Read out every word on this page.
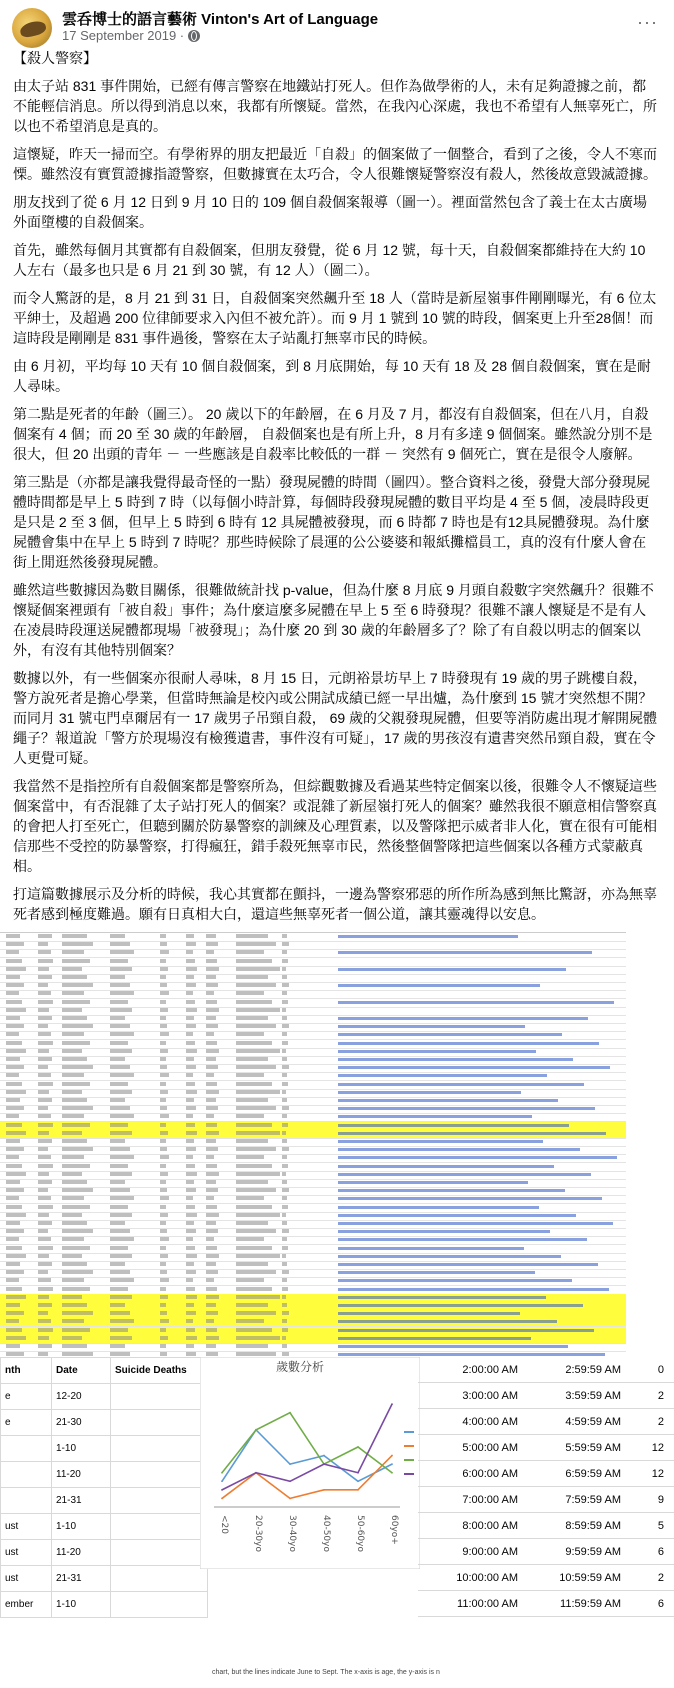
雲呑博士的語言藝術 Vinton's Art of Language
17 September 2019 ·
···

【殺人警察】

由太子站 831 事件開始，已經有傳言警察在地鐵站打死人。但作為做學術的人，未有足夠證據之前，都不能輕信消息。所以得到消息以來，我都有所懷疑。當然，在我內心深處，我也不希望有人無辜死亡，所以也不希望消息是真的。

這懷疑，昨天一掃而空。有學術界的朋友把最近「自殺」的個案做了一個整合，看到了之後，令人不寒而慄。雖然沒有實質證據指證警察，但數據實在太巧合，令人很難懷疑警察沒有殺人，然後故意毀滅證據。

朋友找到了從 6 月 12 日到 9 月 10 日的 109 個自殺個案報導（圖一）。裡面當然包含了義士在太古廣場外面墮樓的自殺個案。

首先，雖然每個月其實都有自殺個案，但朋友發覺，從 6 月 12 號，每十天，自殺個案都維持在大約 10 人左右（最多也只是 6 月 21 到 30 號，有 12 人）（圖二）。

而令人驚訝的是，8 月 21 到 31 日，自殺個案突然飆升至 18 人（當時是新屋嶺事件剛剛曝光，有 6 位太平紳士，及超過 200 位律師要求入內但不被允許）。而 9 月 1 號到 10 號的時段，個案更上升至28個！而這時段是剛剛是 831 事件過後，警察在太子站亂打無辜市民的時候。

由 6 月初，平均每 10 天有 10 個自殺個案，到 8 月底開始，每 10 天有 18 及 28 個自殺個案，實在是耐人尋味。

第二點是死者的年齡（圖三）。 20 歲以下的年齡層，在 6 月及 7 月，都沒有自殺個案，但在八月，自殺個案有 4 個；而 20 至 30 歲的年齡層， 自殺個案也是有所上升，8 月有多達 9 個個案。雖然說分別不是很大，但 20 出頭的青年 － 一些應該是自殺率比較低的一群 － 突然有 9 個死亡，實在是很令人廢解。

第三點是（亦都是讓我覺得最奇怪的一點）發現屍體的時間（圖四）。整合資料之後，發覺大部分發現屍體時間都是早上 5 時到 7 時（以每個小時計算，每個時段發現屍體的數目平均是 4 至 5 個，凌晨時段更是只是 2 至 3 個，但早上 5 時到 6 時有 12 具屍體被發現，而 6 時都 7 時也是有12具屍體發現。為什麼屍體會集中在早上 5 時到 7 時呢？那些時候除了晨運的公公婆婆和報紙攤檔員工，真的沒有什麼人會在街上閒逛然後發現屍體。

雖然這些數據因為數目關係，很難做統計找 p-value，但為什麼 8 月底 9 月頭自殺數字突然飆升？很難不懷疑個案裡頭有「被自殺」事件；為什麼這麼多屍體在早上 5 至 6 時發現？很難不讓人懷疑是不是有人在凌晨時段運送屍體都現場「被發現」；為什麼 20 到 30 歲的年齡層多了？除了有自殺以明志的個案以外，有沒有其他特別個案？

數據以外，有一些個案亦很耐人尋味，8 月 15 日，元朗裕景坊早上 7 時發現有 19 歲的男子跳樓自殺，警方說死者是擔心學業，但當時無論是校內或公開試成績已經一早出爐，為什麼到 15 號才突然想不開？ 而同月 31 號屯門卓爾居有一 17 歲男子吊頸自殺， 69 歲的父親發現屍體，但要等消防處出現才解開屍體繩子？報道說「警方於現場沒有檢獲遺書，事件沒有可疑」，17 歲的男孩沒有遺書突然吊頸自殺，實在令人更覺可疑。

我當然不是指控所有自殺個案都是警察所為，但綜觀數據及看過某些特定個案以後，很難令人不懷疑這些個案當中，有否混雜了太子站打死人的個案？或混雜了新屋嶺打死人的個案？雖然我很不願意相信警察真的會把人打至死亡，但聽到關於防暴警察的訓練及心理質素，以及警隊把示威者非人化，實在很有可能相信那些不受控的防暴警察，打得瘋狂，錯手殺死無辜市民，然後整個警隊把這些個案以各種方式蒙蔽真相。

打這篇數據展示及分析的時候，我心其實都在顫抖，一邊為警察邪惡的所作所為感到無比驚訝，亦為無辜死者感到極度難過。願有日真相大白，還這些無辜死者一個公道，讓其靈魂得以安息。

nth	Date	Suicide Deaths
e	12-20	
e	21-30	
	1-10	
	11-20	
	21-31	
ust	1-10	
ust	11-20	
ust	21-31	
ember	1-10	
歲數分析
<20	20-30yo	30-40yo	40-50yo	50-60yo	60yo+
2:00:00 AM	2:59:59 AM	0
3:00:00 AM	3:59:59 AM	2
4:00:00 AM	4:59:59 AM	2
5:00:00 AM	5:59:59 AM	12
6:00:00 AM	6:59:59 AM	12
7:00:00 AM	7:59:59 AM	9
8:00:00 AM	8:59:59 AM	5
9:00:00 AM	9:59:59 AM	6
10:00:00 AM	10:59:59 AM	2
11:00:00 AM	11:59:59 AM	6
chart, but the lines indicate June to Sept. The x-axis is age, the y-axis is n
